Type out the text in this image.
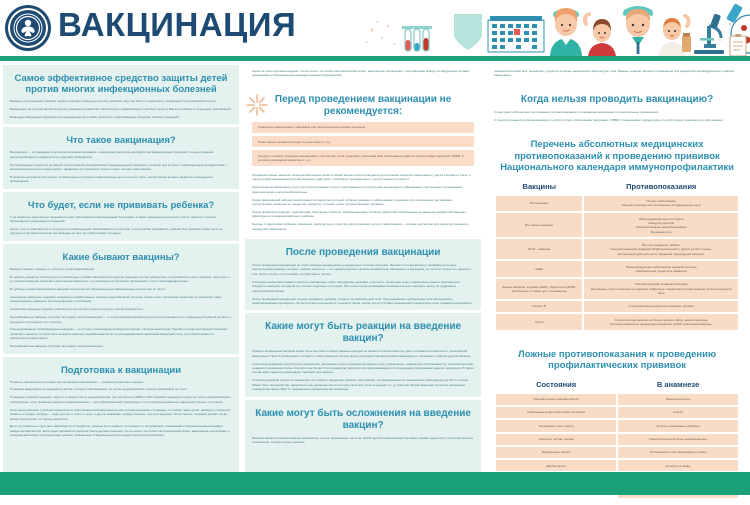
ВАКЦИНАЦИЯ
Самое эффективное средство защиты детей против многих инфекционных болезней

Вакцины естественным образом заранее обучают иммунную систему ребёнка тому, как быстро справиться с инфекцией при возможной встрече.

Вакцинация на сегодня является научно доказанным наиболее безопасным и эффективным способом защиты Вашего ребёнка от серьезных заболеваний.

Благодаря вакцинации формируется защищенная прослойка населения, сдерживающая эпидемии опасных инфекций.

Что такое вакцинация?

Вакцинация — это введение в организм человека препарата, содержащего антигены возбудителей инфекционных болезней с целью создания невосприимчивости (иммунитета) к данному возбудителю.

При вакцинации создается активный искусственный специфический индивидуальный иммунитет, который при встрече с инфекционным возбудителем с высокой вероятностью предотвратит заражение или обеспечит более легкое течение заболевания.

В качестве антигенов используют ослабленные или убитые инфекционные агенты или их части, неспособные вызвать развитие полноценного заболевания.

Что будет, если не прививать ребенка?

У не привитых значительно повышается риск заболевания инфекционными болезнями, а также повышена вероятность более тяжелого течения заболевания с развитием осложнений.

Кроме того, в зависимости от ситуации по инфекционной заболеваемости в регионе, в котором Вы проживаете, ребенок без прививок может быть не допущен в детский коллектив или выведен из него до стабилизации ситуации.

Какие бывают вакцины?

Вакцины бывают «живые» и «убитые» (инактивированные).

В «живых» вакцинах используются ослабленные штаммы бактерий или вирусов (вакцины против туберкулеза, полиомиелита, кори, краснухи, паротита и т. д.) обеспечивающие прочный и длительный иммунитет, но требующие осторожного применения у лиц с иммунодефицитами.

В «убитых» (инактивированных) вакцинах используются обезвреженные инфекционные агенты или их части.

Анатоксины (вакцины) содержат специально обработанные токсины (яды) бактерий, которые теряют свои токсические свойства, но сохраняют свою иммуногенность (вакцины против дифтерии и столбняка).

Химические вакцины содержат компоненты клеточной стенки или других частей возбудителя.

Рекомбинантные вакцины получают методами генной инженерии — в геном микроорганизма-продуцента встраивается ген, кодирующий нужный антиген, и продуцент синтезирует этот антиген.

Конъюгированные полисахаридные вакцины — в которых полисахарид возбудителя связан с белком-носителем. Подобного рода конструкция позволяет применять вакцину с 2-месячного возраста ребёнка, вырабатывается не только выраженный первичный иммунный ответ, но и обеспечивается иммунологическая память.

Рекомбинантные вакцины получают методами генной инженерии.

Подготовка к вакцинации

Первое и обязательное условие для проведения вакцинации — ребенок должен быть здоров.

Плановая вакцинация не проводится детям с острым заболеванием, но после выздоровления течение прививками не стоит.

Плановые прививки проводят через 2–4 недели после выздоровления; при нетяжелых ОРВИ и ОКИ прививки проводятся сразу же после «нормализации» температуры, если прививка нужна по эпидпоказаниям — при субфебрильной температуре и отсутствии выраженного нарушения общего состояния.

Если ранее наличие у ребенка хронического заболевания рассматривалось как противопоказание к прививке, то сейчас таких детей, наоборот, стараются привить в первую очередь — ведь для них и грипп, и корь, и другие инфекции гораздо опаснее, чем для здоровых. Естественно, прививки делают им во время обострения, а в период ремиссии.

Дети, не привитые в срок (вне зависимости от возраста), должны быть привиты по схемам и с интервалами, указанными в Национальном календаре иммунопрофилактики. Если одна прививка из серии не была сделана вовремя, это не влечет за собой повторения всей серии, вакцинацию продолжают с интервалами между последующими дозами, указанными в Национальном календаре иммунопрофилактики.

серии не была сделана вовремя, это не влечет за собой повторения всей серии, вакцинацию продолжают с интервалами между последующими дозами, указанными в Национальном календаре иммунопрофилактики.

Перед проведением вакцинации не рекомендуется:
Совмещать вакцинацию с массажем или физиотерапевтическим лечением
Резко менять климат (поездки, путешествия и т. д.)
Следует отложить плановую вакцинацию в том случае, если существует реальный риск заболевания (один из членов семьи переносит ОРВИ, в детском учреждении карантин и т. д.)

Предварительные анализы (клинический анализ крови и общий анализ мочи) проводятся для решения вопроса о вакцинации у детей в возрасте 3 мес. и перед первой вакцинацией против коклюша, дифтерии, столбняка и полиомиелита у детей старшего возраста.

При повторной вакцинации, при отсутствии признаков острого заболевания или обострения хронического заболевания, контрольные исследования анализов крови и мочи необязательны.

Перед вакцинацией ребенок осматривается педиатром, который собирает анамнез о заболеваниях, реакциях или осложнениях на прививки, аллергических реакциях на лекарства, продукты, уточняет сроки предшествующих прививок.

Перед прививкой проводят термометрию. Результаты осмотра, информационное согласие родителей и разрешение на введение конкретной вакцины фиксируются в медицинской карте ребенка.

Беседы с родителями ребенка, измерение температуры и осмотра для исключения острого заболевания — вполне достаточно для принятия решения о проведении вакцинации.

После проведения вакцинации

После проведения вакцинации не стоит покидать медицинское учреждение в течение получаса. Именно в это время могут развиваться острые аллергические реакции, которые требуют контроля — это время родители должны внимательно наблюдать за малышом, но не стоит пугать его раньше о том, плохо ли ему, есть ли какие-то симптомы и прочее.

К аллергическим симптомам относятся: крапивница, отёки, затруднение дыхания, осиплость, появление сыпи, покраснение кожных покровов или бледность малыша, холодный пот, и иные подобные состояния. При этом случае необходимо незамедлительно сообщить врачу об ухудшении самочувствия ребенка.

После проведения вакцинации следует докормить ребенка, следить за температурой тела. При повышении температуры тела использовать жаропонижающие препараты. Не мочить место инъекции в течение 6 часов, затем, при отсутствии повышенной температуры тела, купания разрешаются.

Какие могут быть реакции на введение вакцин?

Реакция на введение вакцины может быть местной и общей. Данные реакции не являются патологией и не дают основания отказаться от дальнейшей вакцинации. Просто необходимо сообщить о таких реакциях своему врачу для корректировки графика вакцинации и, возможно, подбора другой вакцины.

К местным реакциям относятся все проявления, возникшие в месте ведения препарата (отек, покраснение, инфильтрат, болезненность). Сильная местная реакция (покраснение более 8 см или отек более 5 см в диаметре) является противопоказанием к последующему применению данного препарата. В таком случае врач-педиатр рекомендуют препарат для замены.

К общим реакциям относится изменение состояния и поведения ребенка, как правило, сопровождающееся повышением температуры до 38 °C и выше. Может быть беспокойство, нарушение сна, снижение или отсутствие аппетита, боль в мышцах и т. д. Сильной общей реакцией считается повышение температуры выше 38,6 °C, выраженные проявления интоксикации.

Какие могут быть осложнения на введение вакцин?

Вакцина является лекарственным препаратом, и на ее применение, как и на любой другой лекарственный препарат, крайне редко могут регистрироваться осложнения: аллергические реакции,

анафилактический шок, энцефалит, судороги на фоне нормальной температуры тела. Данные реакции являются показанием для разработки индивидуального графика вакцинации.

Когда нельзя проводить вакцинацию?

Существуют абсолютные (постоянные) противопоказания к проведению вакцинации и относительные (временные).

К относительным противопоказаниям относятся острое заболевание (например, ОРВИ) с повышением температуры или обострение хронического заболевания.

Перечень абсолютных медицинских противопоказаний к проведению прививок Национального календаря иммунопрофилактики
Вакцины	Противопоказания
Все вакцины	Острое заболевание
Сильная реакция или осложнение на предыдущую дозу
Все живые вакцины	Иммунодефицитные состояния
Иммуносупрессия
Злокачественные новообразования
Беременность
БЦЖ – вакцина	Вес при рождении «2000»г
Генерализованная инфекция БЦЖ выявленная у других детей в семье.
Келлоидный рубец на месте введения предыдущей вакцины.
АКДС	Прогрессирующие заболевания нервной системы
Афебрильные судороги в анамнезе
Живые вакцины: коревая (ЖКВ), паротитная (ЖПВ), краснушная, а также дм- и тривакцины	Тяжелая реакция на аминогликозиды
Для вакцин, приготовленных на куриных эмбрионах: анафилактическая реакция на белок куриного яйца
Гепатит В	Аллергическая реакция на пекарские дрожжи
Грипп	Аллергическая реакция на белок куриного яйца, аминогликозиды
Сильная реакция на предыдущее введение любой гриппозной вакцины.
Ложные противопоказания к проведению профилактических прививок
Состояния	В анамнезе
Перинатальная энцефалопатия	Недоношенность
Стабильные неврологические состояния	Сепсис
Увеличение тона тимуса	Болезнь гиалиновых мембран
Аллергия, астма, экзема	Гемолитическая болезнь новорожденных
Врожденные пороки	Осложнения после вакцинации в семье
Дисбактериоз	Аллергия в семье
